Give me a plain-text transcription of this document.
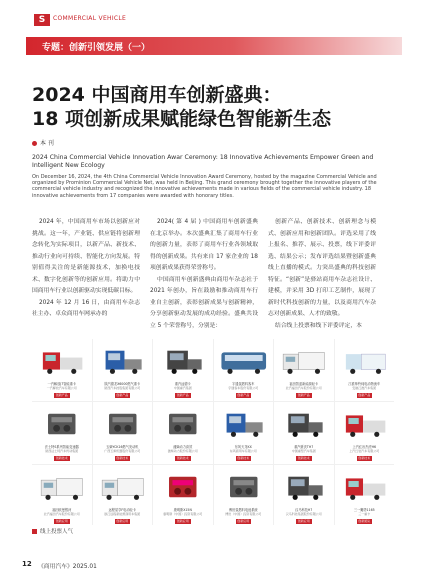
S	COMMERCIAL VEHICLE
专题：创新引领发展（一）
2024 中国商用车创新盛典：
18 项创新成果赋能绿色智能新生态
本 刊
2024 China Commercial Vehicle Innovation Awar Ceremony: 18 Innovative Achievements Empower Green and Intelligent New Ecology
On December 16, 2024, the 4th China Commercial Vehicle Innovation Award Ceremony, hosted by the magazine Commercial Vehicle and organized by Prominion Commercial Vehicle Net, was held in Beijing. This grand ceremony brought together the innovative players of the commercial vehicle industry and recognized the innovative achievements made in various fields of the commercial vehicle industry. 18 innovative achievements from 17 companies were awarded with honorary titles.

2024 年，中国商用车市场以创新应对挑战。这一年，产业链、供应链将创新理念转化为实际项目，以新产品、新技术、推动行业向可持续、智能化方向发展。特别值得关注的是新能源技术，加换电技术、数字化创新等的创新应用。将助力中国商用车行业以创新驱动实现低碳目标。

2024 年 12 月 16 日，由商用车杂志社主办、卓众商用车网承办的

2024( 第 4 届 ) 中国商用车创新盛典在北京举办。本次盛典汇集了商用车行业的创新力量，表彰了商用车行业各领域取得的创新成果。共有来自 17 家企业的 18 项创新成果获得荣誉称号。

中国商用车创新盛典由商用车杂志社于 2021 年创办，旨在鼓励和推动商用车行业自主创新，表彰创新成果与创新精神，分享创新驱动发展的成功经验。盛典共设立 5 个荣誉称号，分别是：

创新产品、创新技术、创新理念与模式、创新应用和创新团队。评选采用了线上报名、推荐、展示、投票，线下评委评选、结果公示；发布评选结果暨创新盛典线上直播的模式。力突出盛典的科技创新特征。“创新”是驿站商用车杂志社设计、建模，并采用 3D 打印工艺制作，展现了新时代科技创新的力量，以及商用汽车杂志对创新成果、人才的致敬。

结合线上投票和线下评委评定，本

一汽解放J7智能重卡
一汽解放汽车有限公司
创新产品
陕汽德龙X6000燃气重卡
陕西汽车控股集团有限公司
创新产品
重汽汕德卡
中国重汽集团
创新产品
宇通氢燃料客车
宇通客车股份有限公司
创新产品
福田智蓝新能源轻卡
北汽福田汽车股份有限公司
创新产品
江淮帅铃纯电动物流车
安徽江淮汽车集团
创新产品
法士特S系列智能变速器
陕西法士特汽车传动集团
创新技术
玉柴YCK16燃气发动机
广西玉柴机器股份有限公司
创新技术
潍柴动力高效
潍柴动力股份有限公司
创新技术
东风天龙KX
东风商用车有限公司
创新技术
重汽豪沃TH7
中国重型汽车集团
创新技术
上汽红岩杰虎H6
上汽红岩汽车有限公司
创新技术
福田欧曼银河
北汽福田汽车股份有限公司
创新应用
远程星享F电动轻卡
浙江远程新能源商用车集团
创新应用
康明斯X15N
康明斯（中国）投资有限公司
创新应用
博世氢燃料电池系统
博世（中国）投资有限公司
创新应用
汉马科技H7
汉马科技集团股份有限公司
创新应用
三一魔塔1165
三一重卡
创新团队
线上投票人气
12 《商用汽车》2025.01
